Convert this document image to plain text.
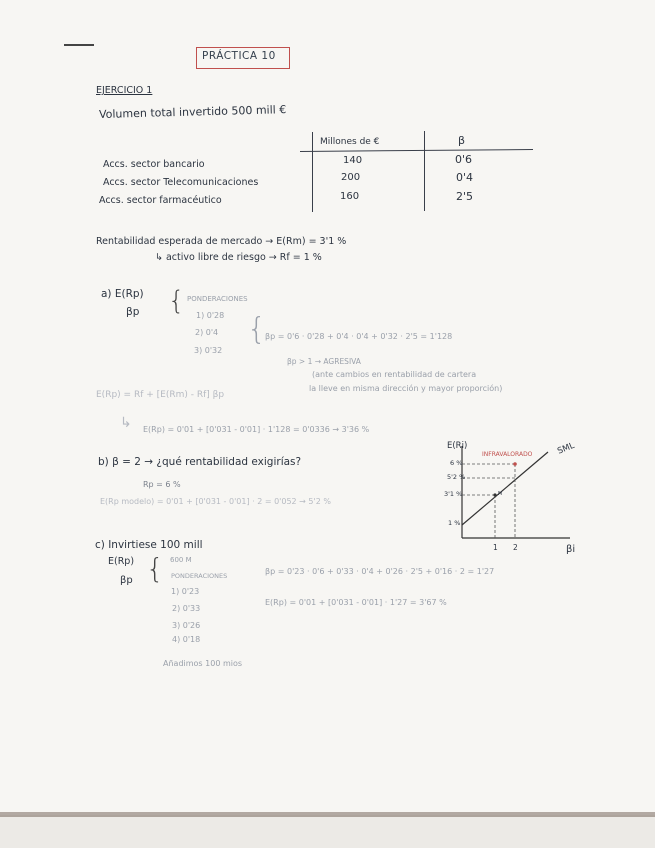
PRÁCTICA 10
EJERCICIO 1
Volumen total invertido 500 mill €
Millones de €	β
Accs. sector bancario	140	0'6
Accs. sector Telecomunicaciones	200	0'4
Accs. sector farmacéutico	160	2'5
Rentabilidad esperada de mercado → E(Rm) = 3'1 %
↳ activo libre de riesgo → Rf = 1 %
a) E(Rp)
βp { PONDERACIONES
1) 0'28
2) 0'4
3) 0'32
{
βp = 0'6 · 0'28 + 0'4 · 0'4 + 0'32 · 2'5 = 1'128
βp > 1 → AGRESIVA
(ante cambios en rentabilidad de cartera
la lleve en misma dirección y mayor proporción)
E(Rp) = Rf + [E(Rm) - Rf] βp
↳ E(Rp) = 0'01 + [0'031 - 0'01] · 1'128 = 0'0336 → 3'36 %
b) β = 2 → ¿qué rentabilidad exigirías?
Rp = 6 %
E(Rp modelo) = 0'01 + [0'031 - 0'01] · 2 = 0'052 → 5'2 %
E(Ri)
βi
SML
INFRAVALORADO
6 %
5'2 %
3'1 %
1 %
1 2
M
c) Invirtiese 100 mill
E(Rp)
βp { 600 M
PONDERACIONES
1) 0'23
2) 0'33
3) 0'26
4) 0'18
βp = 0'23 · 0'6 + 0'33 · 0'4 + 0'26 · 2'5 + 0'16 · 2 = 1'27
E(Rp) = 0'01 + [0'031 - 0'01] · 1'27 = 3'67 %
Añadimos 100 mios
